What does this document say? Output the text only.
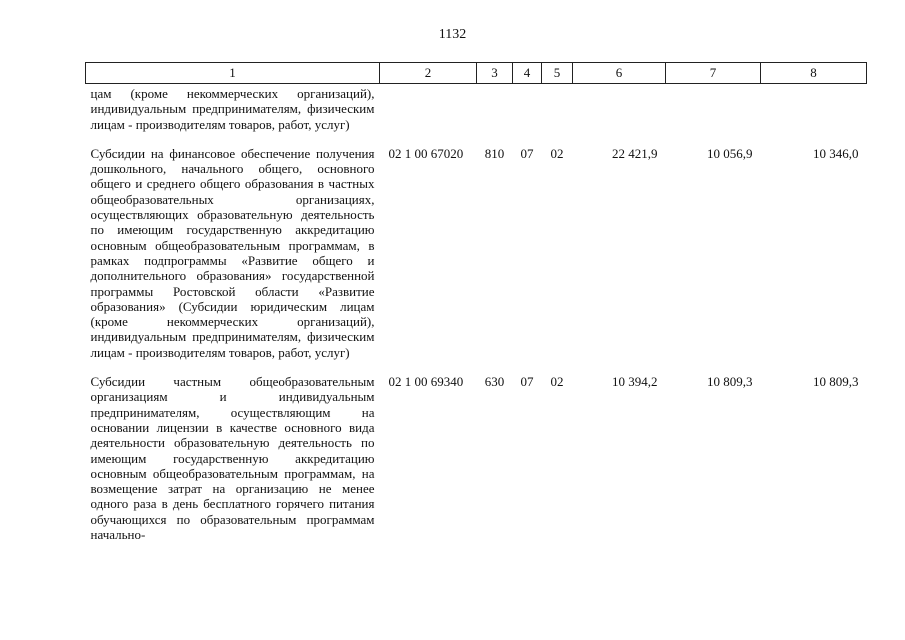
1132
1	2	3	4	5	6	7	8
цам (кроме некоммерческих организаций), индивидуальным предпринимателям, физическим лицам - производителям товаров, работ, услуг)							
Субсидии на финансовое обеспечение получения дошкольного, начального общего, основного общего и среднего общего образования в частных общеобразовательных организациях, осуществляющих образовательную деятельность по имеющим государственную аккредитацию основным общеобразовательным программам, в рамках подпрограммы «Развитие общего и дополнительного образования» государственной программы Ростовской области «Развитие образования» (Субсидии юридическим лицам (кроме некоммерческих организаций), индивидуальным предпринимателям, физическим лицам - производителям товаров, работ, услуг)	02 1 00 67020	810	07	02	22 421,9	10 056,9	10 346,0
Субсидии частным общеобразовательным организациям и индивидуальным предпринимателям, осуществляющим на основании лицензии в качестве основного вида деятельности образовательную деятельность по имеющим государственную аккредитацию основным общеобразовательным программам, на возмещение затрат на организацию не менее одного раза в день бесплатного горячего питания обучающихся по образовательным программам начально-	02 1 00 69340	630	07	02	10 394,2	10 809,3	10 809,3
